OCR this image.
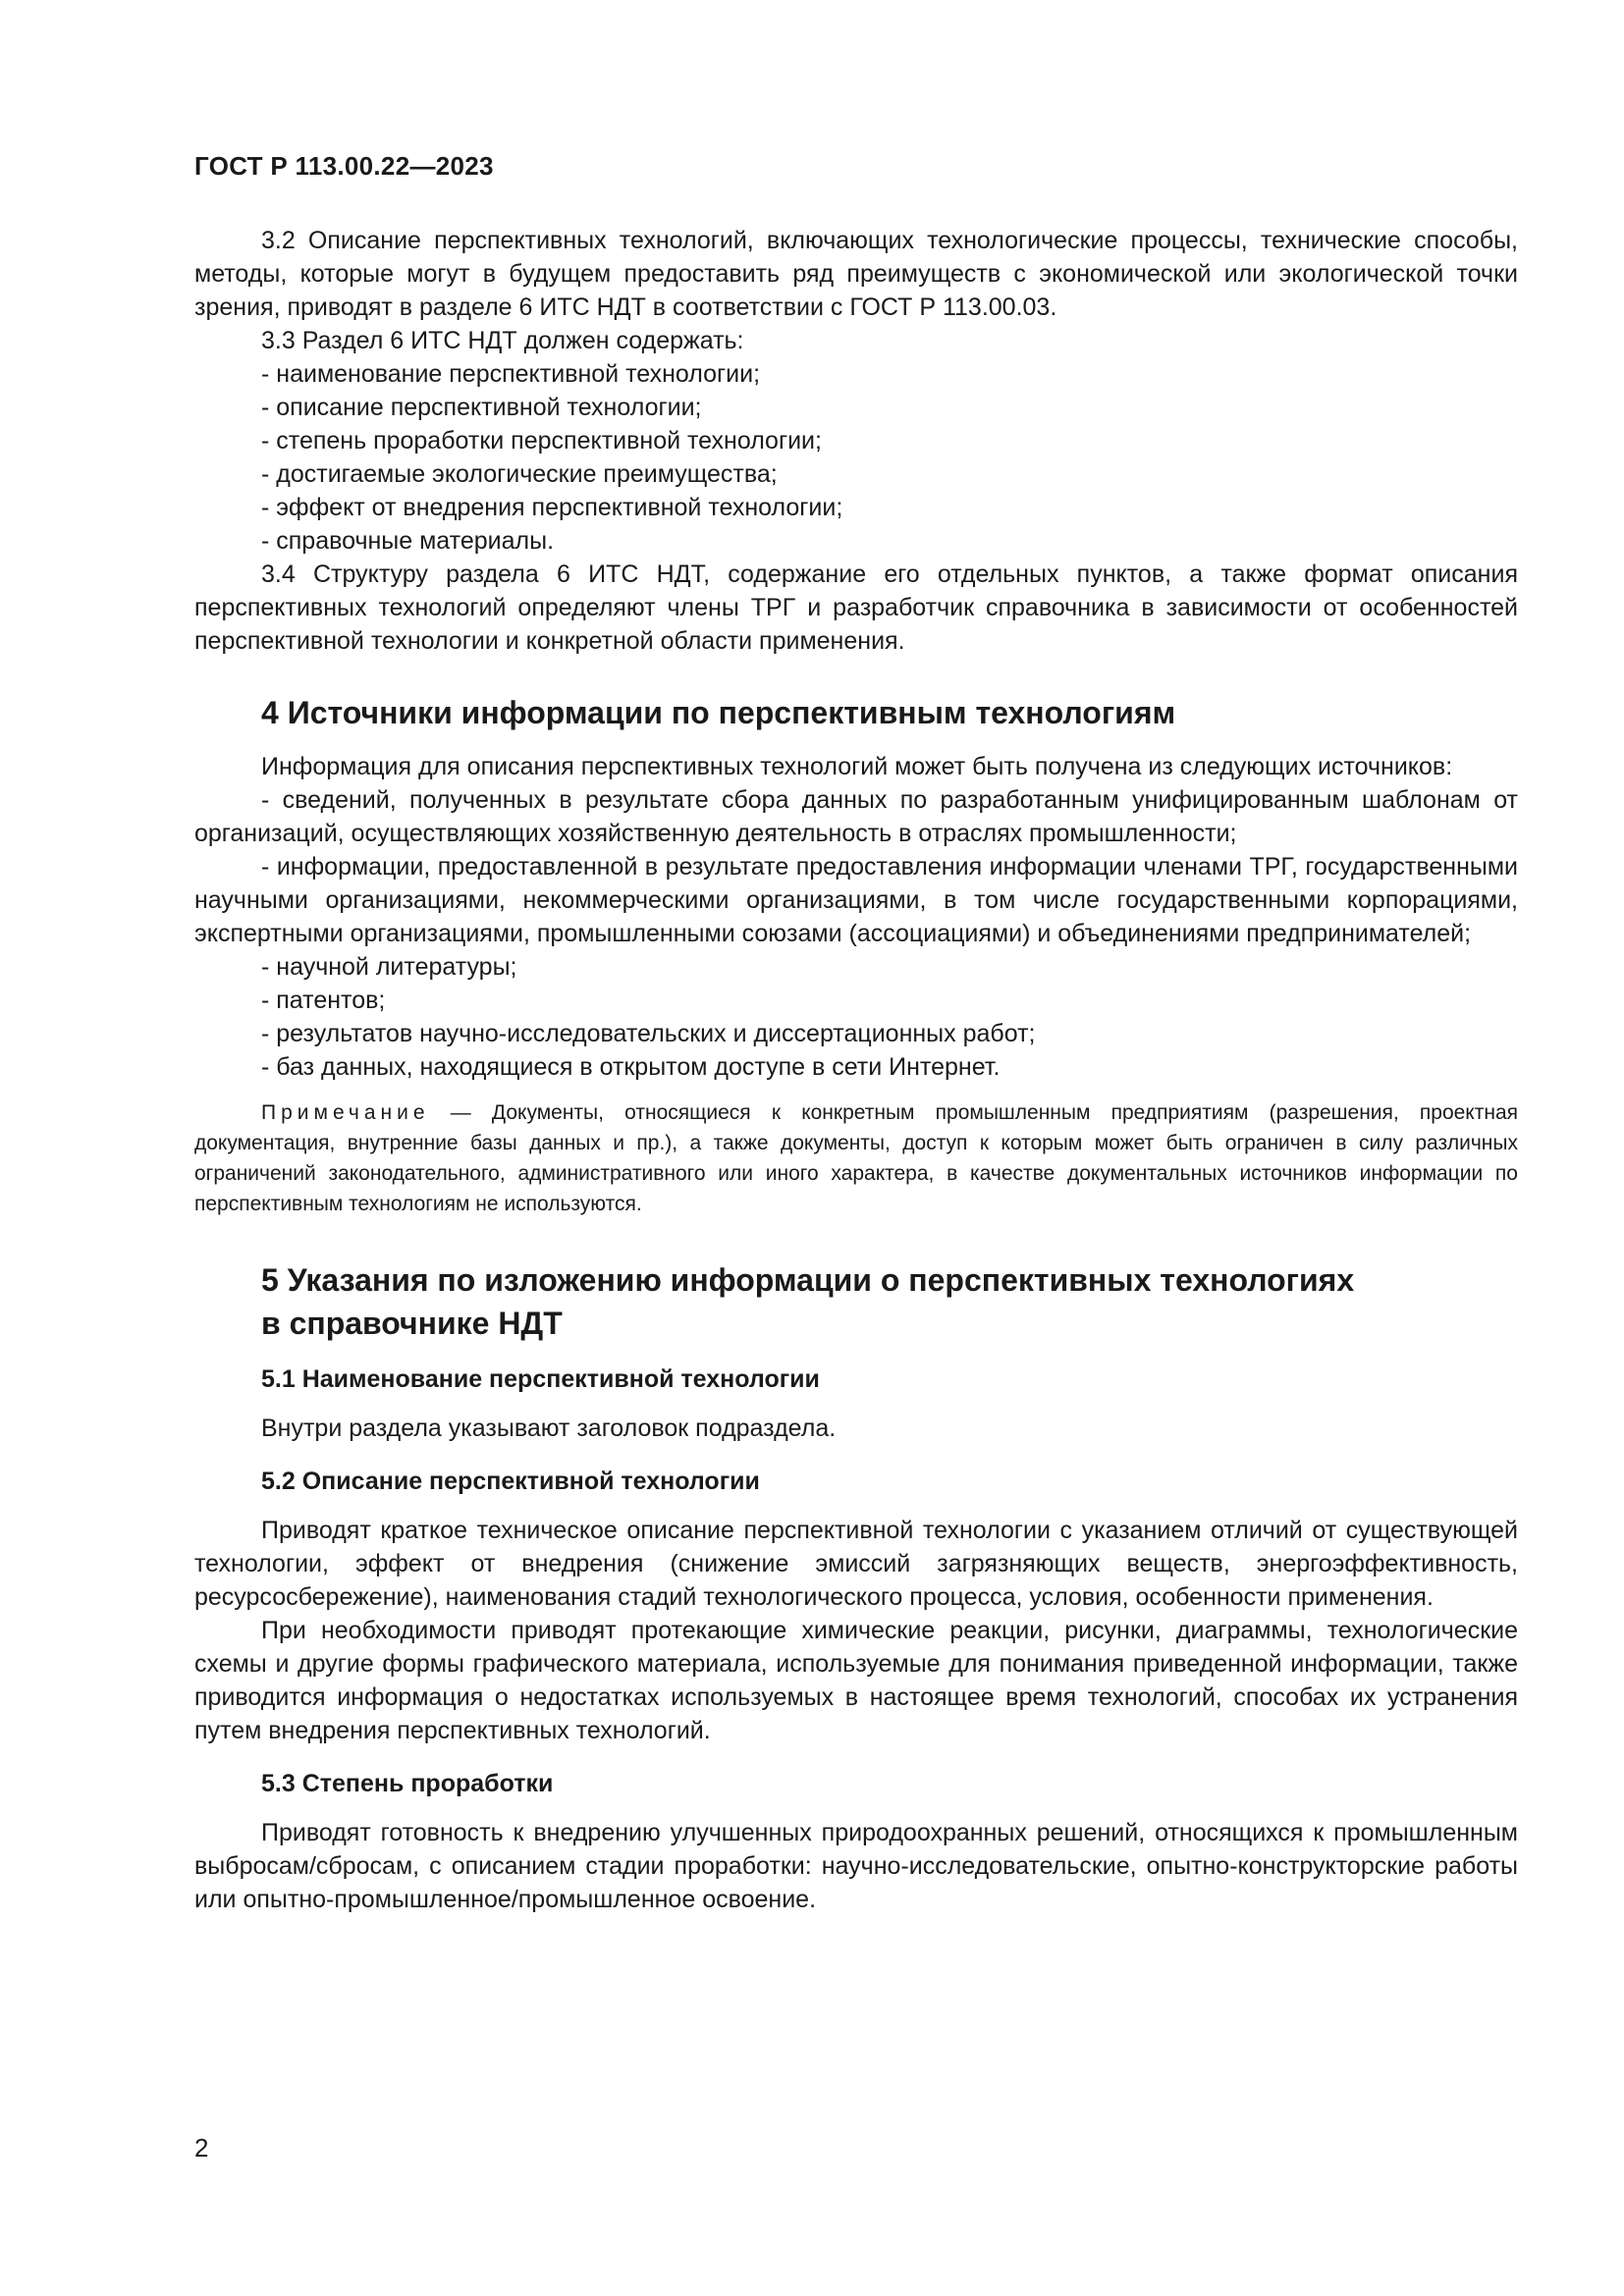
ГОСТ Р 113.00.22—2023

3.2 Описание перспективных технологий, включающих технологические процессы, технические способы, методы, которые могут в будущем предоставить ряд преимуществ с экономической или экологической точки зрения, приводят в разделе 6 ИТС НДТ в соответствии с ГОСТ Р 113.00.03.

3.3 Раздел 6 ИТС НДТ должен содержать:

- наименование перспективной технологии;

- описание перспективной технологии;

- степень проработки перспективной технологии;

- достигаемые экологические преимущества;

- эффект от внедрения перспективной технологии;

- справочные материалы.

3.4 Структуру раздела 6 ИТС НДТ, содержание его отдельных пунктов, а также формат описания перспективных технологий определяют члены ТРГ и разработчик справочника в зависимости от особенностей перспективной технологии и конкретной области применения.

4 Источники информации по перспективным технологиям

Информация для описания перспективных технологий может быть получена из следующих источников:

- сведений, полученных в результате сбора данных по разработанным унифицированным шаблонам от организаций, осуществляющих хозяйственную деятельность в отраслях промышленности;

- информации, предоставленной в результате предоставления информации членами ТРГ, государственными научными организациями, некоммерческими организациями, в том числе государственными корпорациями, экспертными организациями, промышленными союзами (ассоциациями) и объединениями предпринимателей;

- научной литературы;

- патентов;

- результатов научно-исследовательских и диссертационных работ;

- баз данных, находящиеся в открытом доступе в сети Интернет.

Примечание — Документы, относящиеся к конкретным промышленным предприятиям (разрешения, проектная документация, внутренние базы данных и пр.), а также документы, доступ к которым может быть ограничен в силу различных ограничений законодательного, административного или иного характера, в качестве документальных источников информации по перспективным технологиям не используются.

5 Указания по изложению информации о перспективных технологиях

в справочнике НДТ

5.1 Наименование перспективной технологии

Внутри раздела указывают заголовок подраздела.

5.2 Описание перспективной технологии

Приводят краткое техническое описание перспективной технологии с указанием отличий от существующей технологии, эффект от внедрения (снижение эмиссий загрязняющих веществ, энергоэффективность, ресурсосбережение), наименования стадий технологического процесса, условия, особенности применения.

При необходимости приводят протекающие химические реакции, рисунки, диаграммы, технологические схемы и другие формы графического материала, используемые для понимания приведенной информации, также приводится информация о недостатках используемых в настоящее время технологий, способах их устранения путем внедрения перспективных технологий.

5.3 Степень проработки

Приводят готовность к внедрению улучшенных природоохранных решений, относящихся к промышленным выбросам/сбросам, с описанием стадии проработки: научно-исследовательские, опытно-конструкторские работы или опытно-промышленное/промышленное освоение.

2
